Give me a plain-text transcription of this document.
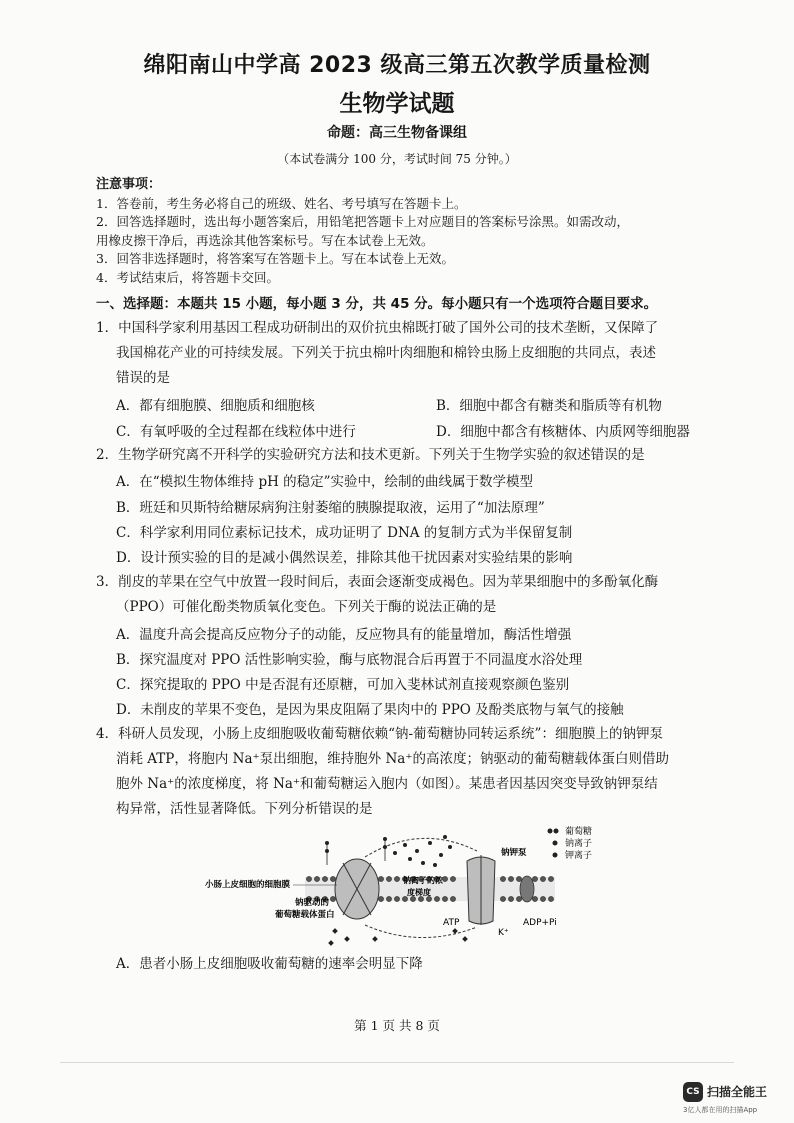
绵阳南山中学高 2023 级高三第五次教学质量检测
生物学试题
命题：高三生物备课组
（本试卷满分 100 分，考试时间 75 分钟。）
注意事项：
1．答卷前，考生务必将自己的班级、姓名、考号填写在答题卡上。
2．回答选择题时，选出每小题答案后，用铅笔把答题卡上对应题目的答案标号涂黑。如需改动，
用橡皮擦干净后，再选涂其他答案标号。写在本试卷上无效。
3．回答非选择题时，将答案写在答题卡上。写在本试卷上无效。
4．考试结束后，将答题卡交回。
一、选择题：本题共 15 小题，每小题 3 分，共 45 分。每小题只有一个选项符合题目要求。
1．中国科学家利用基因工程成功研制出的双价抗虫棉既打破了国外公司的技术垄断，又保障了
我国棉花产业的可持续发展。下列关于抗虫棉叶肉细胞和棉铃虫肠上皮细胞的共同点，表述
错误的是
A．都有细胞膜、细胞质和细胞核	B．细胞中都含有糖类和脂质等有机物
C．有氧呼吸的全过程都在线粒体中进行	D．细胞中都含有核糖体、内质网等细胞器
2．生物学研究离不开科学的实验研究方法和技术更新。下列关于生物学实验的叙述错误的是
A．在“模拟生物体维持 pH 的稳定”实验中，绘制的曲线属于数学模型
B．班廷和贝斯特给糖尿病狗注射萎缩的胰腺提取液，运用了“加法原理”
C．科学家利用同位素标记技术，成功证明了 DNA 的复制方式为半保留复制
D．设计预实验的目的是减小偶然误差，排除其他干扰因素对实验结果的影响
3．削皮的苹果在空气中放置一段时间后，表面会逐渐变成褐色。因为苹果细胞中的多酚氧化酶
（PPO）可催化酚类物质氧化变色。下列关于酶的说法正确的是
A．温度升高会提高反应物分子的动能，反应物具有的能量增加，酶活性增强
B．探究温度对 PPO 活性影响实验，酶与底物混合后再置于不同温度水浴处理
C．探究提取的 PPO 中是否混有还原糖，可加入斐林试剂直接观察颜色鉴别
D．未削皮的苹果不变色，是因为果皮阻隔了果肉中的 PPO 及酚类底物与氧气的接触
4．科研人员发现，小肠上皮细胞吸收葡萄糖依赖“钠-葡萄糖协同转运系统”：细胞膜上的钠钾泵
消耗 ATP，将胞内 Na⁺泵出细胞，维持胞外 Na⁺的高浓度；钠驱动的葡萄糖载体蛋白则借助
胞外 Na⁺的浓度梯度，将 Na⁺和葡萄糖运入胞内（如图）。某患者因基因突变导致钠钾泵结
构异常，活性显著降低。下列分析错误的是
葡萄糖
钠离子
钾离子
小肠上皮细胞的细胞膜
钠驱动的
葡萄糖载体蛋白
钠离子的浓
度梯度
钠钾泵
ATP
K⁺
ADP+Pi
A．患者小肠上皮细胞吸收葡萄糖的速率会明显下降
第 1 页 共 8 页
CS 扫描全能王
3亿人都在用的扫描App
